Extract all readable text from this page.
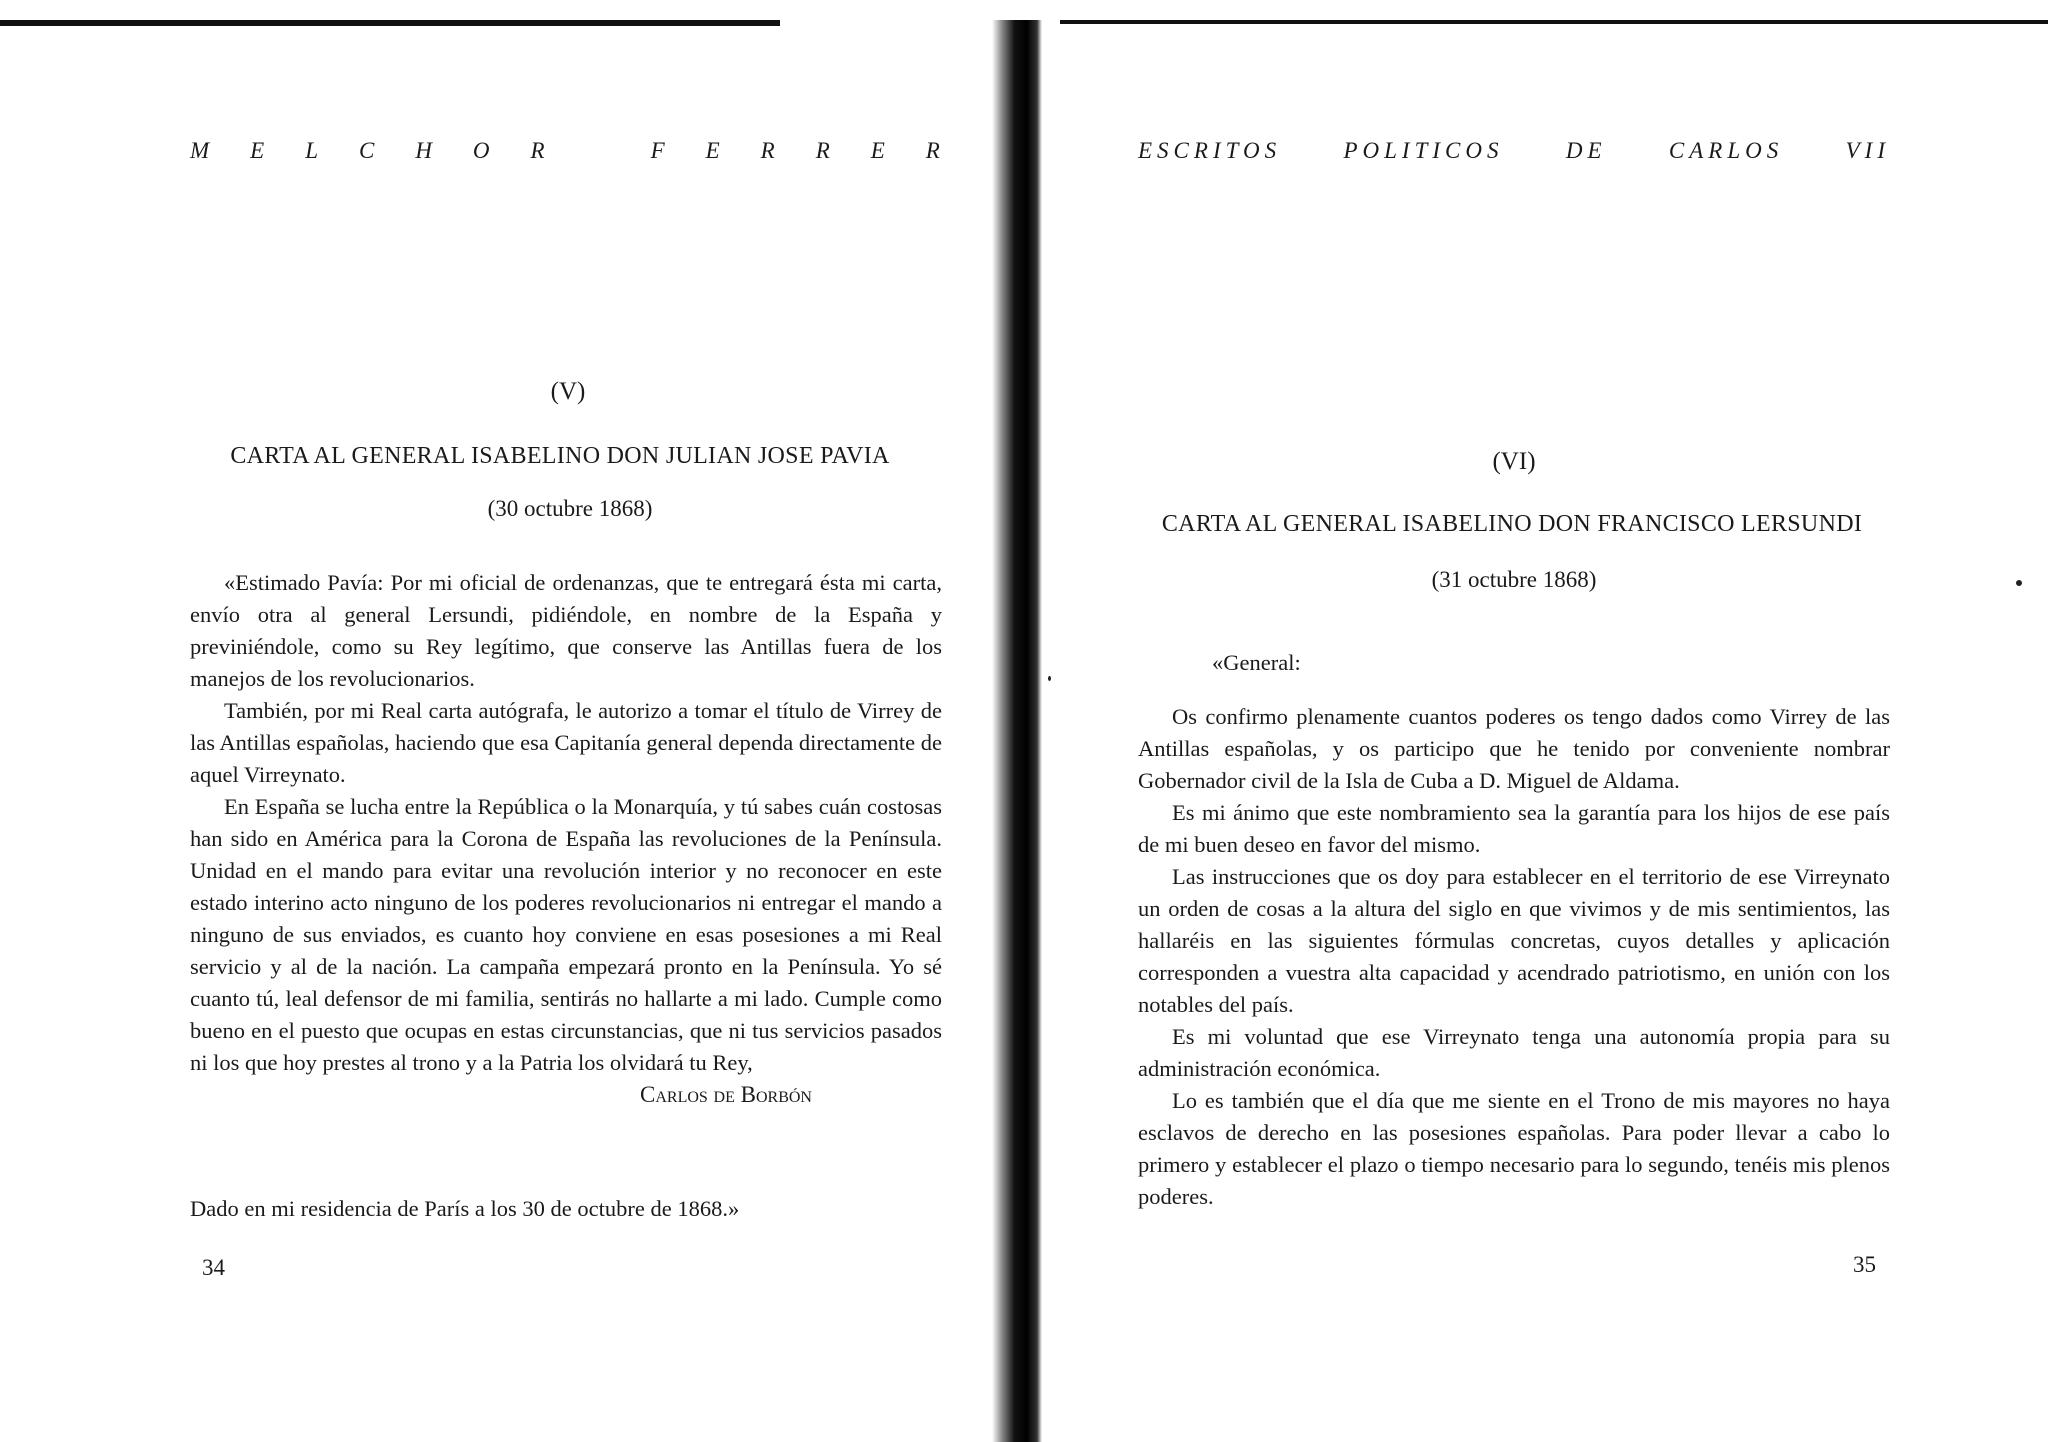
M E L C H O R	F E R R E R
(V)
CARTA AL GENERAL ISABELINO DON JULIAN JOSE PAVIA
(30 octubre 1868)

«Estimado Pavía: Por mi oficial de ordenanzas, que te entregará ésta mi carta, envío otra al general Lersundi, pidiéndole, en nombre de la España y previniéndole, como su Rey legítimo, que conserve las Antillas fuera de los manejos de los revolucionarios.

También, por mi Real carta autógrafa, le autorizo a tomar el título de Virrey de las Antillas españolas, haciendo que esa Capitanía general dependa directamente de aquel Virreynato.

En España se lucha entre la República o la Monarquía, y tú sabes cuán costosas han sido en América para la Corona de España las revoluciones de la Península. Unidad en el mando para evitar una revolución interior y no reconocer en este estado interino acto ninguno de los poderes revolucionarios ni entregar el mando a ninguno de sus enviados, es cuanto hoy conviene en esas posesiones a mi Real servicio y al de la nación. La campaña empezará pronto en la Península. Yo sé cuanto tú, leal defensor de mi familia, sentirás no hallarte a mi lado. Cumple como bueno en el puesto que ocupas en estas circunstancias, que ni tus servicios pasados ni los que hoy prestes al trono y a la Patria los olvidará tu Rey,

Carlos de Borbón

Dado en mi residencia de París a los 30 de octubre de 1868.»
34
ESCRITOS	POLITICOS	DE	CARLOS	VII
(VI)
CARTA AL GENERAL ISABELINO DON FRANCISCO LERSUNDI
(31 octubre 1868)
«General:

Os confirmo plenamente cuantos poderes os tengo dados como Virrey de las Antillas españolas, y os participo que he tenido por conveniente nombrar Gobernador civil de la Isla de Cuba a D. Miguel de Aldama.

Es mi ánimo que este nombramiento sea la garantía para los hijos de ese país de mi buen deseo en favor del mismo.

Las instrucciones que os doy para establecer en el territorio de ese Virreynato un orden de cosas a la altura del siglo en que vivimos y de mis sentimientos, las hallaréis en las siguientes fórmulas concretas, cuyos detalles y aplicación corresponden a vuestra alta capacidad y acendrado patriotismo, en unión con los notables del país.

Es mi voluntad que ese Virreynato tenga una autonomía propia para su administración económica.

Lo es también que el día que me siente en el Trono de mis mayores no haya esclavos de derecho en las posesiones españolas. Para poder llevar a cabo lo primero y establecer el plazo o tiempo necesario para lo segundo, tenéis mis plenos poderes.

35
